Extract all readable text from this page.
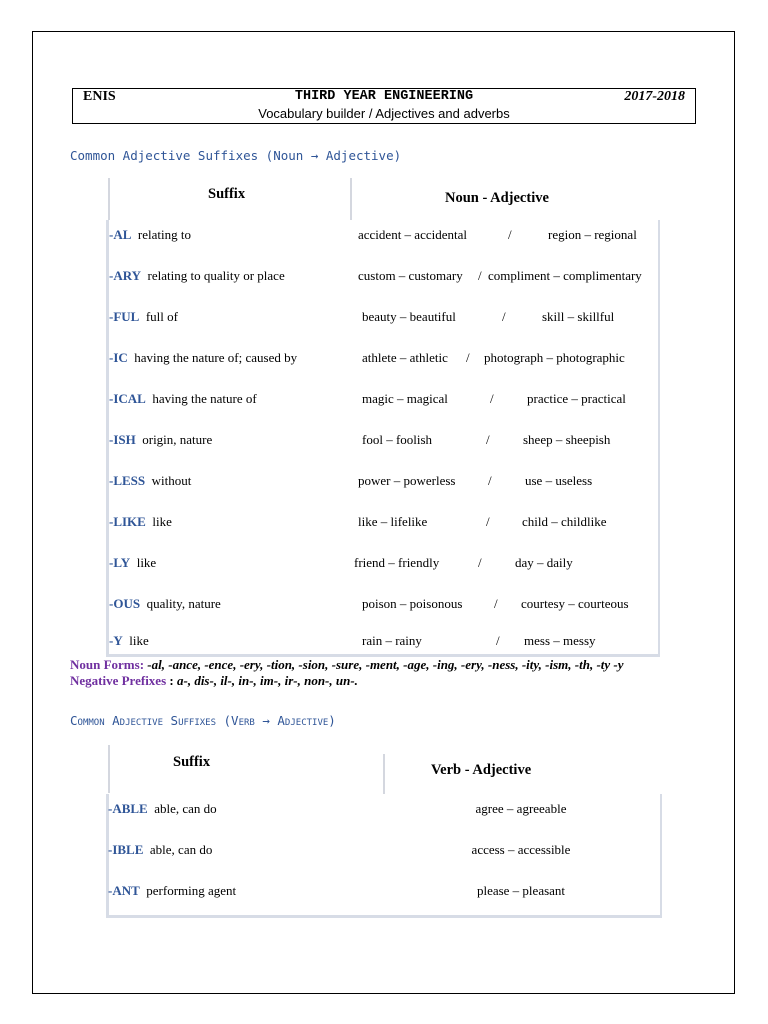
ENIS	THIRD YEAR ENGINEERING	2017-2018
Vocabulary builder / Adjectives and adverbs
Common Adjective Suffixes (Noun → Adjective)
Suffix	Noun - Adjective
-AL relating to	accident – accidental	/	region – regional
-ARY relating to quality or place	custom – customary / compliment – complimentary
-FUL full of	beauty – beautiful	/	skill – skillful
-IC having the nature of; caused by	athlete – athletic / photograph – photographic
-ICAL having the nature of	magic – magical	/	practice – practical
-ISH origin, nature	fool – foolish	/	sheep – sheepish
-LESS without	power – powerless	/	use – useless
-LIKE like	like – lifelike	/ child – childlike
-LY like	friend – friendly	/	day – daily
-OUS quality, nature	poison – poisonous / courtesy – courteous
-Y like	rain – rainy	/ mess – messy
Noun Forms: -al, -ance, -ence, -ery, -tion, -sion, -sure, -ment, -age, -ing, -ery, -ness, -ity, -ism, -th, -ty -y
Negative Prefixes : a-, dis-, il-, in-, im-, ir-, non-, un-.
Common Adjective Suffixes (Verb → Adjective)
Suffix	Verb - Adjective
-ABLE able, can do	agree – agreeable
-IBLE able, can do	access – accessible
-ANT performing agent	please – pleasant
